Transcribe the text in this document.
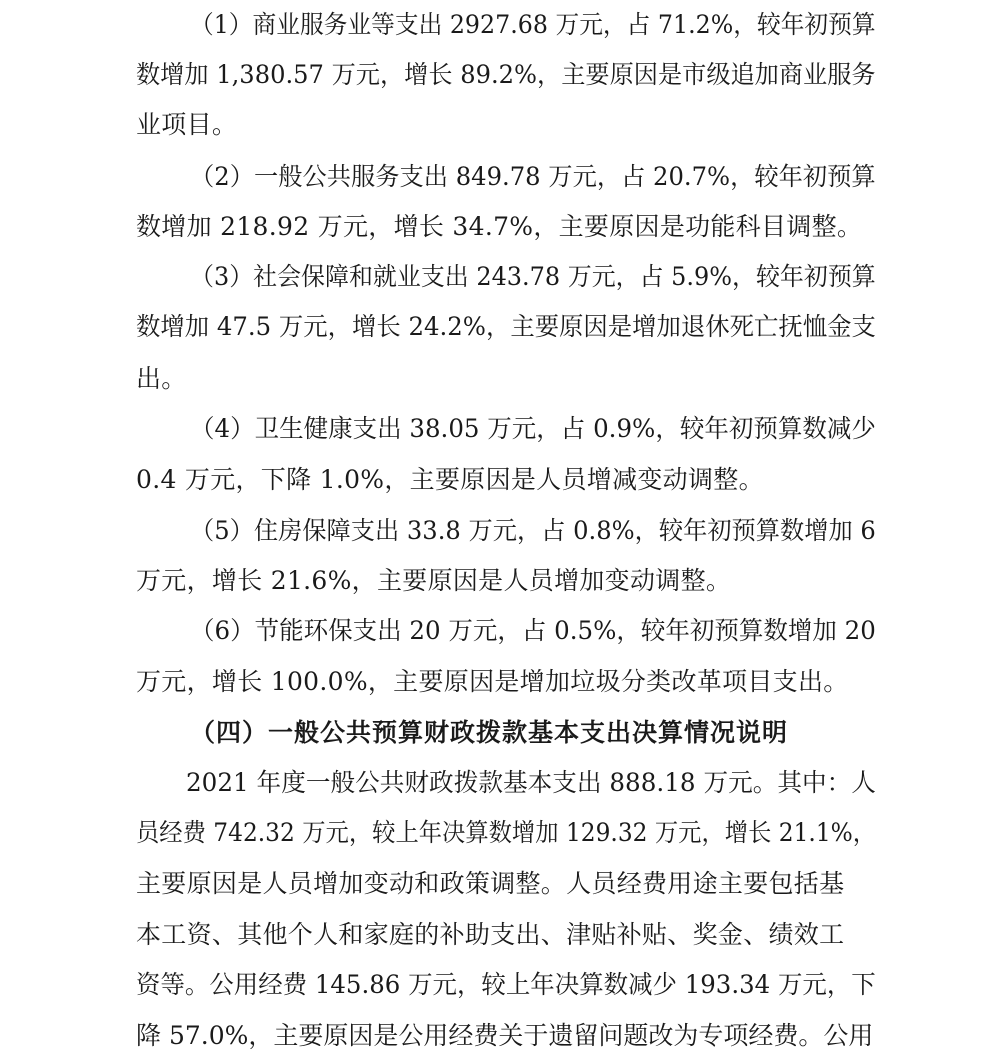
（1）商业服务业等支出 2927.68 万元，占 71.2%，较年初预算
数增加 1,380.57 万元，增长 89.2%，主要原因是市级追加商业服务
业项目。
（2）一般公共服务支出 849.78 万元，占 20.7%，较年初预算
数增加 218.92 万元，增长 34.7%，主要原因是功能科目调整。
（3）社会保障和就业支出 243.78 万元，占 5.9%，较年初预算
数增加 47.5 万元，增长 24.2%，主要原因是增加退休死亡抚恤金支
出。
（4）卫生健康支出 38.05 万元，占 0.9%，较年初预算数减少
0.4 万元，下降 1.0%，主要原因是人员增减变动调整。
（5）住房保障支出 33.8 万元，占 0.8%，较年初预算数增加 6
万元，增长 21.6%，主要原因是人员增加变动调整。
（6）节能环保支出 20 万元，占 0.5%，较年初预算数增加 20
万元，增长 100.0%，主要原因是增加垃圾分类改革项目支出。
（四）一般公共预算财政拨款基本支出决算情况说明
2021 年度一般公共财政拨款基本支出 888.18 万元。其中：人
员经费 742.32 万元，较上年决算数增加 129.32 万元，增长 21.1%，
主要原因是人员增加变动和政策调整。人员经费用途主要包括基
本工资、其他个人和家庭的补助支出、津贴补贴、奖金、绩效工
资等。公用经费 145.86 万元，较上年决算数减少 193.34 万元，下
降 57.0%，主要原因是公用经费关于遗留问题改为专项经费。公用
